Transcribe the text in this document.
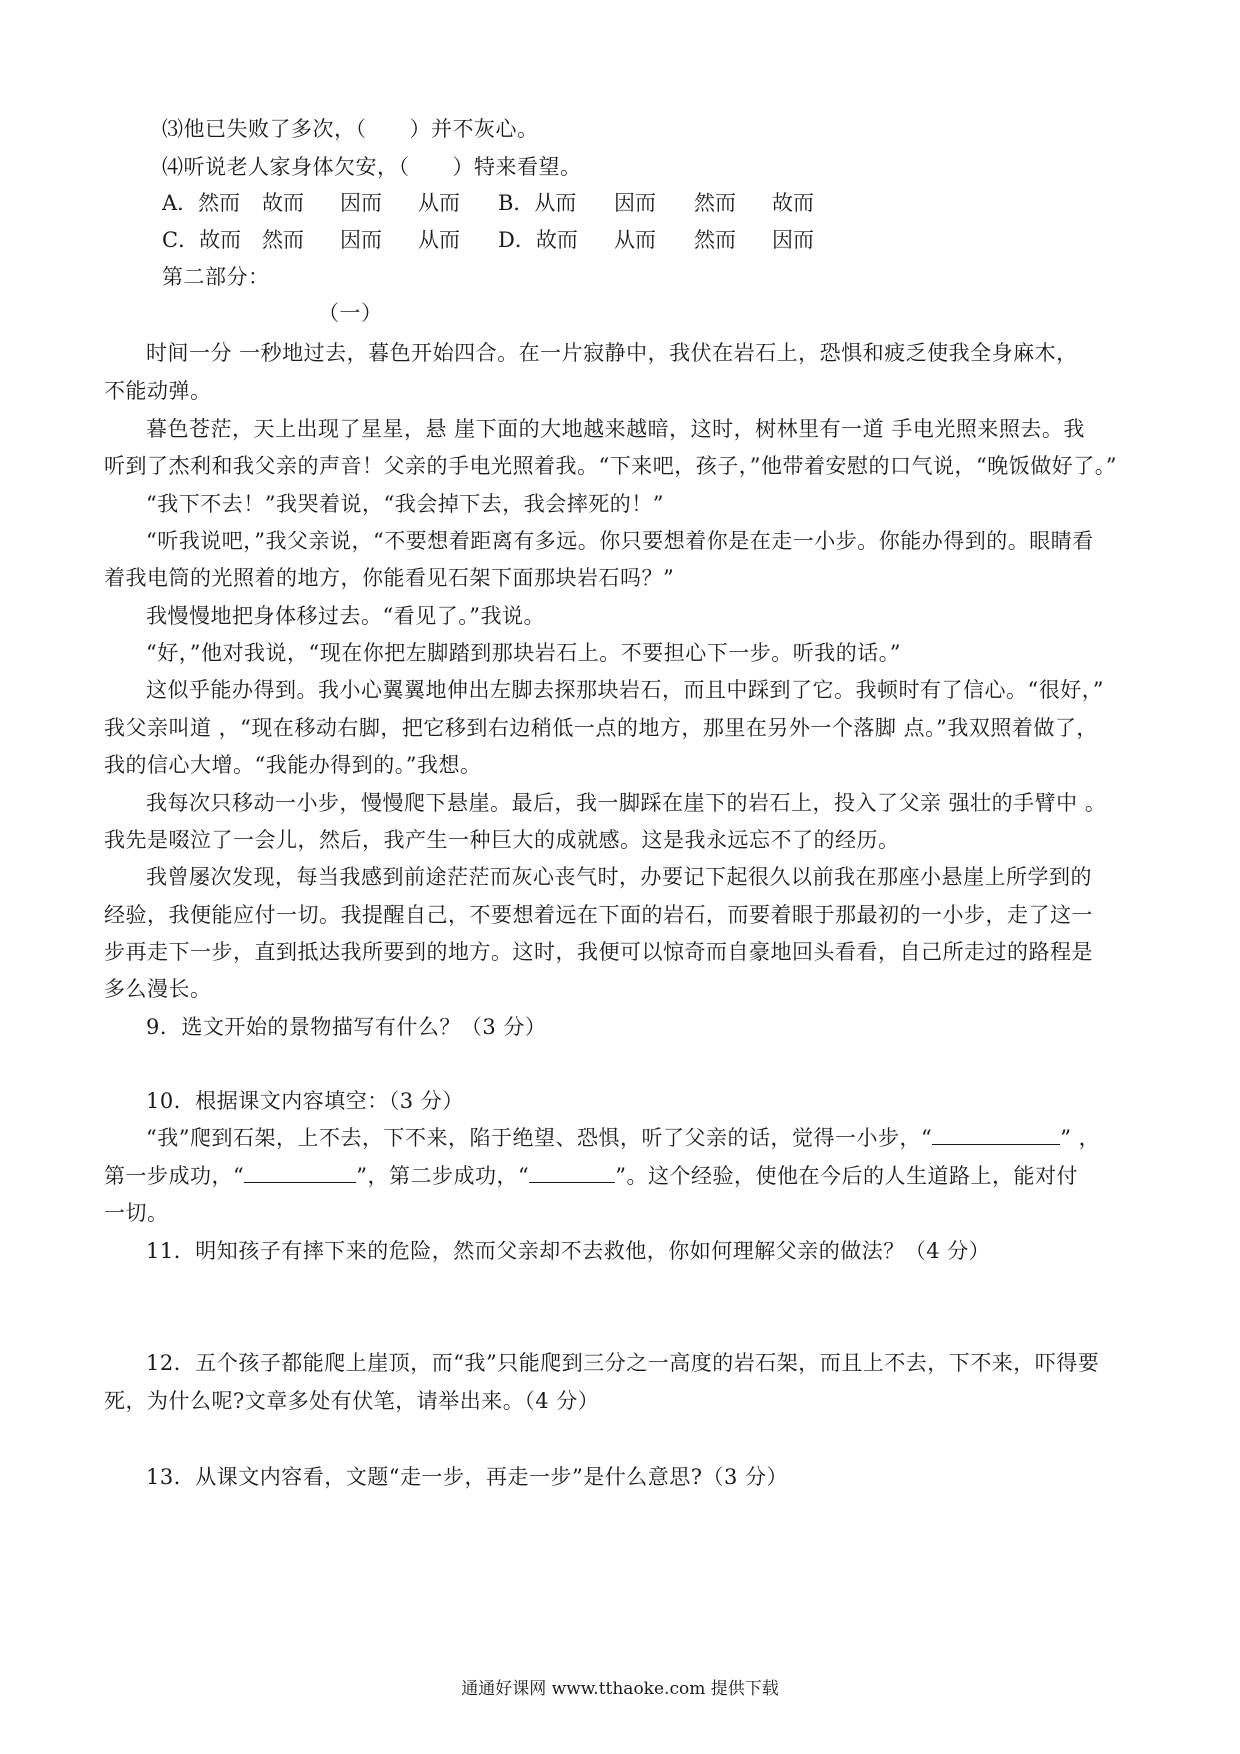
⑶他已失败了多次，（　　）并不灰心。
⑷听说老人家身体欠安，（　　）特来看望。
A．然而 故而 因而 从而 B．从而 因而 然而 故而
C．故而 然而 因而 从而 D．故而 从而 然而 因而
第二部分：
（一）
时间一分 一秒地过去，暮色开始四合。在一片寂静中，我伏在岩石上，恐惧和疲乏使我全身麻木，
不能动弹。
暮色苍茫，天上出现了星星，悬 崖下面的大地越来越暗，这时，树林里有一道 手电光照来照去。我
听到了杰利和我父亲的声音！父亲的手电光照着我。“下来吧，孩子，”他带着安慰的口气说，“晚饭做好了。”
“我下不去！”我哭着说，“我会掉下去，我会摔死的！”
“听我说吧，”我父亲说，“不要想着距离有多远。你只要想着你是在走一小步。你能办得到的。眼睛看
着我电筒的光照着的地方，你能看见石架下面那块岩石吗？”
我慢慢地把身体移过去。“看见了。”我说。
“好，”他对我说，“现在你把左脚踏到那块岩石上。不要担心下一步。听我的话。”
这似乎能办得到。我小心翼翼地伸出左脚去探那块岩石，而且中踩到了它。我顿时有了信心。“很好，”
我父亲叫道 ，“现在移动右脚，把它移到右边稍低一点的地方，那里在另外一个落脚 点。”我双照着做了，
我的信心大增。“我能办得到的。”我想。
我每次只移动一小步，慢慢爬下悬崖。最后，我一脚踩在崖下的岩石上，投入了父亲 强壮的手臂中 。
我先是啜泣了一会儿，然后，我产生一种巨大的成就感。这是我永远忘不了的经历。
我曾屡次发现，每当我感到前途茫茫而灰心丧气时，办要记下起很久以前我在那座小悬崖上所学到的
经验，我便能应付一切。我提醒自己，不要想着远在下面的岩石，而要着眼于那最初的一小步，走了这一
步再走下一步，直到抵达我所要到的地方。这时，我便可以惊奇而自豪地回头看看，自己所走过的路程是
多么漫长。
9．选文开始的景物描写有什么？（3 分）
10．根据课文内容填空：（3 分）
“我”爬到石架，上不去，下不来，陷于绝望、恐惧，听了父亲的话，觉得一小步，“	” ，
第一步成功，“	”，第二步成功，“	”。这个经验，使他在今后的人生道路上，能对付
一切。
11．明知孩子有摔下来的危险，然而父亲却不去救他，你如何理解父亲的做法？（4 分）
12．五个孩子都能爬上崖顶，而“我”只能爬到三分之一高度的岩石架，而且上不去，下不来，吓得要
死，为什么呢?文章多处有伏笔，请举出来。（4 分）
13．从课文内容看，文题“走一步，再走一步”是什么意思?（3 分）
通通好课网 www.tthaoke.com 提供下载
